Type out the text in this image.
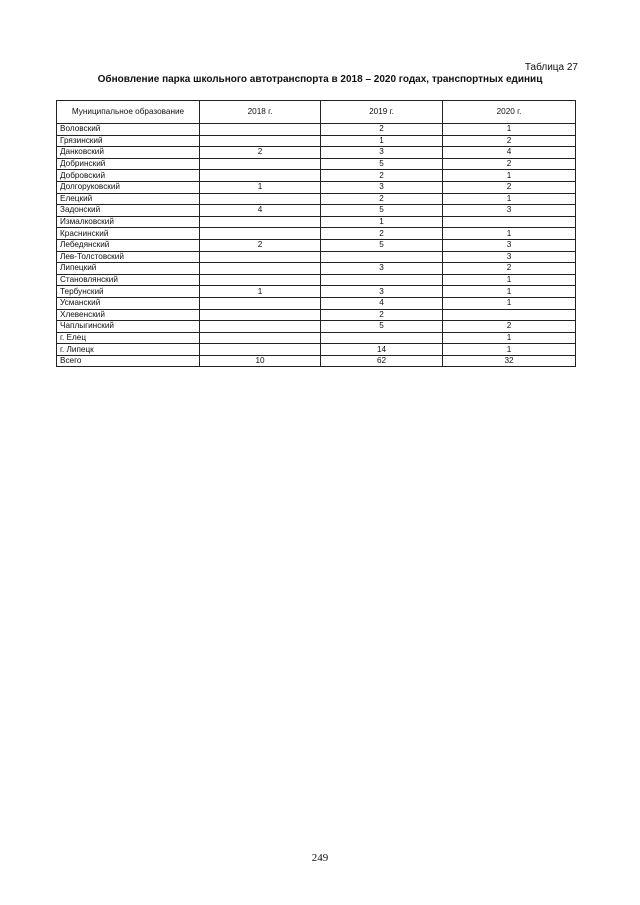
Таблица 27
Обновление парка школьного автотранспорта в 2018 – 2020 годах, транспортных единиц
Муниципальное образование	2018 г.	2019 г.	2020 г.
Воловский		2	1
Грязинский		1	2
Данковский	2	3	4
Добринский		5	2
Добровский		2	1
Долгоруковский	1	3	2
Елецкий		2	1
Задонский	4	5	3
Измалковский		1	
Краснинский		2	1
Лебедянский	2	5	3
Лев-Толстовский			3
Липецкий		3	2
Становлянский			1
Тербунский	1	3	1
Усманский		4	1
Хлевенский		2	
Чаплыгинский		5	2
г. Елец			1
г. Липецк		14	1
Всего	10	62	32
249
